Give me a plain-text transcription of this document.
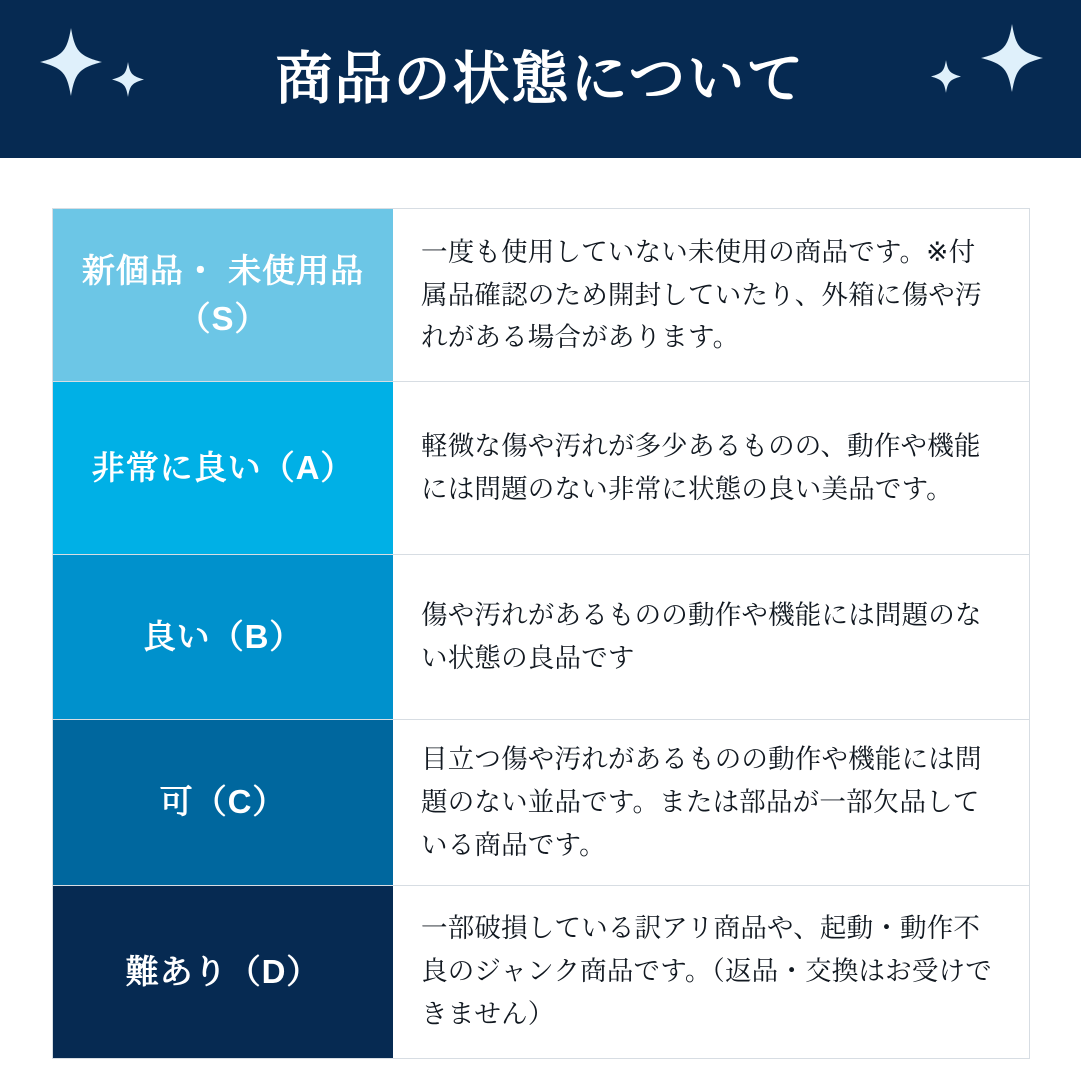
商品の状態について
新個品・ 未使用品（S）
一度も使用していない未使用の商品です。※付属品確認のため開封していたり、外箱に傷や汚れがある場合があります。
非常に良い（A）
軽微な傷や汚れが多少あるものの、動作や機能には問題のない非常に状態の良い美品です。
良い（B）
傷や汚れがあるものの動作や機能には問題のない状態の良品です
可（C）
目立つ傷や汚れがあるものの動作や機能には問題のない並品です。または部品が一部欠品している商品です。
難あり（D）
一部破損している訳アリ商品や、起動・動作不良のジャンク商品です。（返品・交換はお受けできません）
